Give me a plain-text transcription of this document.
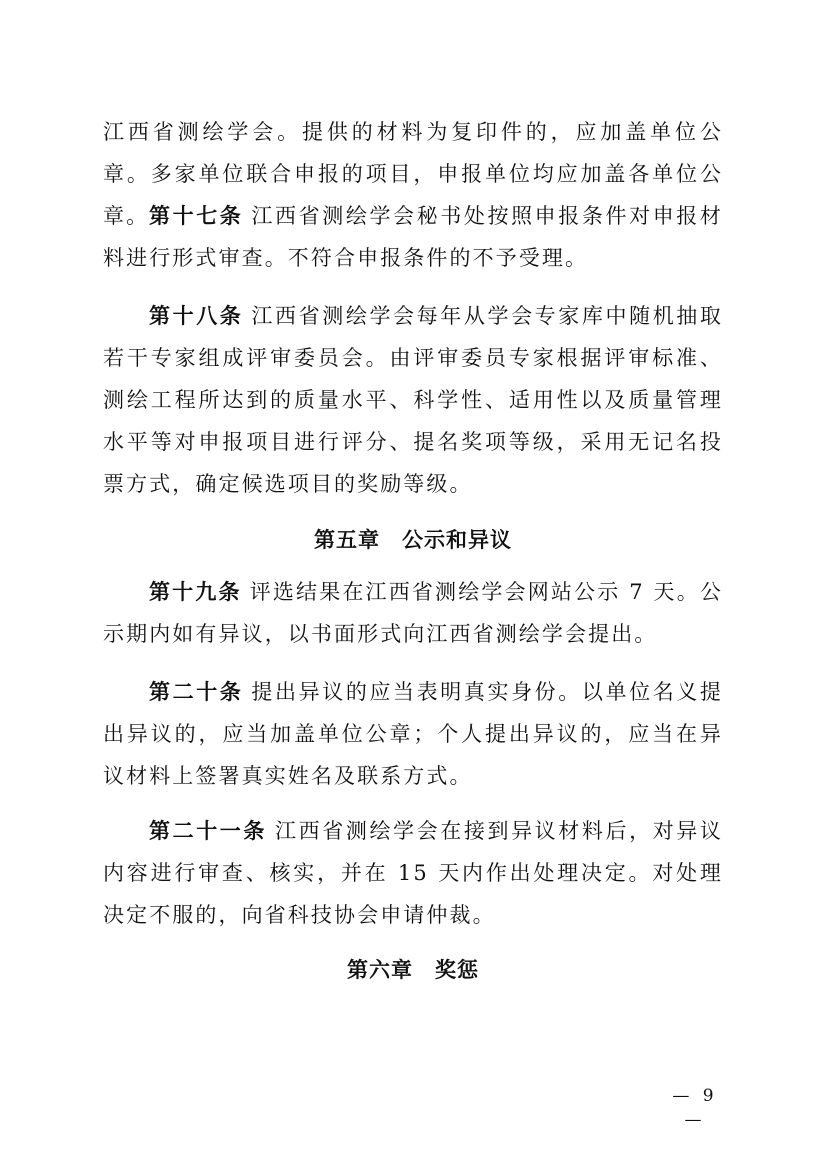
江西省测绘学会。提供的材料为复印件的，应加盖单位公章。多家单位联合申报的项目，申报单位均应加盖各单位公章。 第十七条 江西省测绘学会秘书处按照申报条件对申报材料进行形式审查。不符合申报条件的不予受理。

第十八条 江西省测绘学会每年从学会专家库中随机抽取若干专家组成评审委员会。由评审委员专家根据评审标准、测绘工程所达到的质量水平、科学性、适用性以及质量管理水平等对申报项目进行评分、提名奖项等级，采用无记名投票方式，确定候选项目的奖励等级。

第五章 公示和异议

第十九条 评选结果在江西省测绘学会网站公示 7 天。公示期内如有异议，以书面形式向江西省测绘学会提出。

第二十条 提出异议的应当表明真实身份。以单位名义提出异议的，应当加盖单位公章；个人提出异议的，应当在异议材料上签署真实姓名及联系方式。

第二十一条 江西省测绘学会在接到异议材料后，对异议内容进行审查、核实，并在 15 天内作出处理决定。对处理决定不服的，向省科技协会申请仲裁。

第六章 奖惩
— 9 —
